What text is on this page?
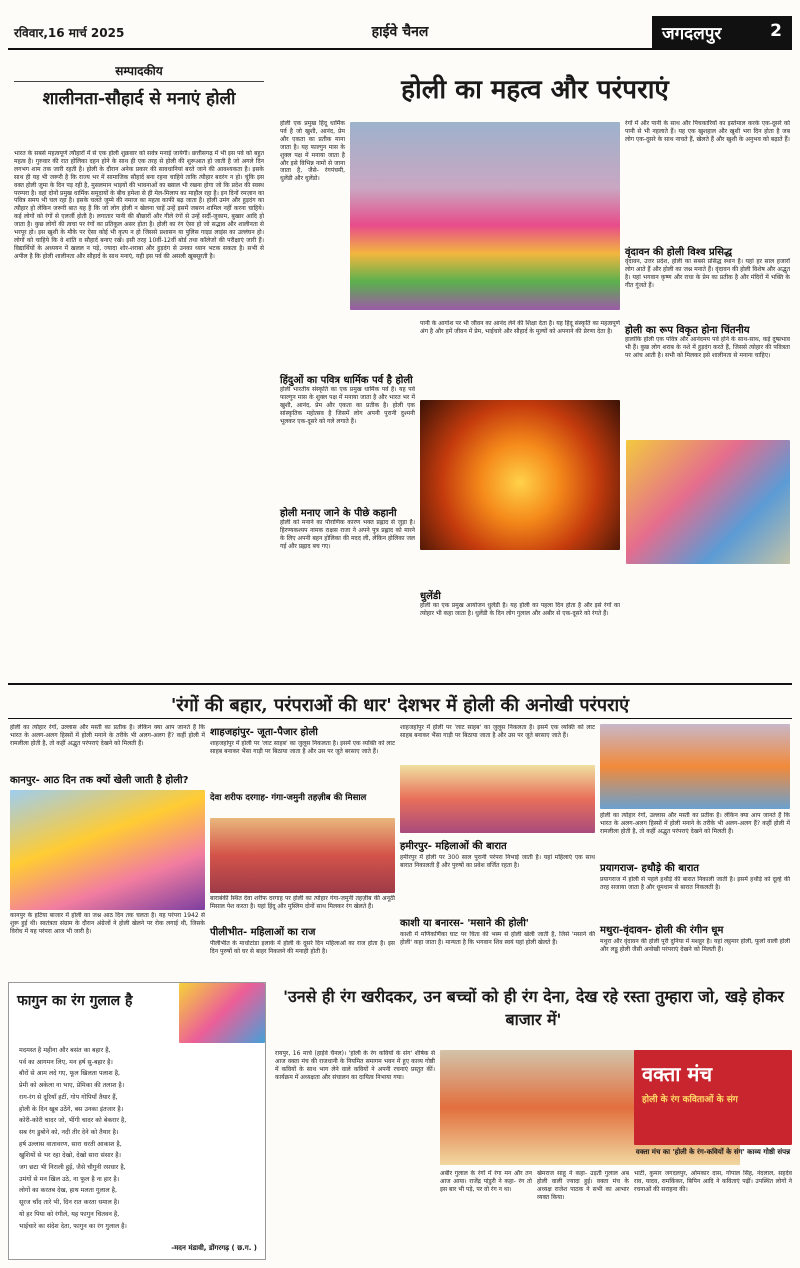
रविवार,16 मार्च 2025	हाईवे चैनल	जगदलपुर	2
सम्पादकीय
शालीनता-सौहार्द से मनाएं होली
भारत के सबसे महत्वपूर्ण त्यौहारों में से एक होली शुक्रवार को सर्वत्र मनाई जायेगी। छत्तीसगढ़ में भी इस पर्व को बहुत महत्व है। गुरुवार की रात होलिका दहन होने के साथ ही एक तरह से होली की शुरूआत हो जाती है जो अगले दिन लगभग शाम तक जारी रहती है। होली के दौरान अनेक प्रकार की सावधानियां बरते जाने की आवश्यकता है। इसके साथ ही यह भी जरूरी है कि राज्य भर में सामाजिक सौहार्द बना रहना चाहिये ताकि त्यौहार बदरंग न हो। चूंकि इस वक्त होली जुमा के दिन पड़ रही है, मुसलमान भाइयों की भावनाओं का ख्याल भी रखना होगा जो कि प्रदेश की स्वस्थ परम्परा है। वहां दोनों प्रमुख धार्मिक समुदायों के बीच हमेशा से ही मेल-मिलाप का माहौल रहा है। इन दिनों रमज़ान का पवित्र समय भी चल रहा है। इसके चलते जुम्मे की नमाज का महत्व काफी बढ़ जाता है। होली उमंग और हुड़दंग का त्यौहार हो लेकिन जरूरी बात यह है कि जो लोग होली न खेलना चाहें उन्हें इसमें जबरन शामिल नहीं करना चाहिये। कई लोगों को रंगों से एलर्जी होती है। लगातार पानी की बौछारों और गीले रंगों से उन्हें सर्दी-जुकाम, बुखार आदि हो जाता है। कुछ लोगों की त्वचा पर रंगों का प्रतिकूल असर होता है। होली का रंग ऐसा हो जो सद्भाव और शालीनता से भरपूर हो। इस खुशी के मौके पर ऐसा कोई भी कृत्य न हो जिससे प्रशासन या पुलिस गाइड लाइंस का उल्लंघन हो। लोगों को चाहिये कि वे शांति व सौहार्द बनाए रखें। इसी तरह 10वीं-12वीं बोर्ड तथा कॉलेजों की परीक्षाएं जारी हैं। विद्यार्थियों के अध्ययन में खलल न पड़े, ज्यादा शोर-शराबा और हुड़दंग से उनका ध्यान भटक सकता है। सभी से अपील है कि होली शालीनता और सौहार्द के साथ मनाएं, यही इस पर्व की असली खूबसूरती है।
होली का महत्व और परंपराएं
होली एक प्रमुख हिंदू धार्मिक पर्व है जो खुशी, आनंद, प्रेम और एकता का प्रतीक माना जाता है। यह फाल्गुन मास के शुक्ल पक्ष में मनाया जाता है और इसे विभिन्न नामों से जाना जाता है, जैसे- रंगपंचमी, धुलेंडी और धुलेंडो।
रंगों में और पानी के साथ और पिचकारियों का इस्तेमाल करके एक-दूसरे को पानी से भी नहलाते हैं। यह एक खुशहाल और खुशी भरा दिन होता है जब लोग एक-दूसरे के साथ नाचते हैं, खेलते हैं और खुशी के अनुभव को बढ़ाते हैं।
वृंदावन की होली विश्व प्रसिद्ध
वृंदावन, उत्तर प्रदेश, होली का सबसे प्रसिद्ध स्थान है। यहां हर साल हजारों लोग आते हैं और होली का जश्न मनाते हैं। वृंदावन की होली विशेष और अद्भुत है। यहां भगवान कृष्ण और राधा के प्रेम का प्रतीक है और मंदिरों में भक्ति के गीत गूंजते हैं।
होली का रूप विकृत होना चिंतनीय
हालांकि होली एक पवित्र और आनंदमय पर्व होने के साथ-साथ, कई दुष्प्रभाव भी हैं। कुछ लोग शराब के नशे में हुड़दंग करते हैं, जिससे त्योहार की पवित्रता पर आंच आती है। सभी को मिलकर इसे शालीनता से मनाना चाहिए।
हिंदुओं का पवित्र धार्मिक पर्व है होली
होली भारतीय संस्कृति का एक प्रमुख धार्मिक पर्व है। यह पर्व फाल्गुन मास के शुक्ल पक्ष में मनाया जाता है और भारत भर में खुशी, आनंद, प्रेम और एकता का प्रतीक है। होली एक सांस्कृतिक महोत्सव है जिसमें लोग अपनी पुरानी दुश्मनी भूलकर एक-दूसरे को गले लगाते हैं।
होली मनाए जाने के पीछे कहानी
होली को मनाने का पौराणिक कारण भक्त प्रह्लाद से जुड़ा है। हिरण्यकश्यप नामक राक्षस राजा ने अपने पुत्र प्रह्लाद को मारने के लिए अपनी बहन होलिका की मदद ली, लेकिन होलिका जल गई और प्रह्लाद बच गए।
पानी के आगोश पर भी जीवन का आनंद लेने की शिक्षा देता है। यह हिंदू संस्कृति का महत्वपूर्ण अंग है और हमें जीवन में प्रेम, भाईचारे और सौहार्द के मूल्यों को अपनाने की प्रेरणा देता है।
धुलेंडी
होली का एक प्रमुख आयोजन धुलेंडी है। यह होली का पहला दिन होता है और इसे रंगों का त्योहार भी कहा जाता है। धुलेंडी के दिन लोग गुलाल और अबीर से एक-दूसरे को रंगते हैं।
'रंगों की बहार, परंपराओं की धार' देशभर में होली की अनोखी परंपराएं
होली का त्योहार रंगों, उल्लास और मस्ती का प्रतीक है। लेकिन क्या आप जानते हैं कि भारत के अलग-अलग हिस्सों में होली मनाने के तरीके भी अलग-अलग हैं? कहीं होली में रामलीला होती है, तो कहीं अद्भुत परंपराएं देखने को मिलती हैं।
कानपुर- आठ दिन तक क्यों खेली जाती है होली?
कानपुर के हटिया बाजार में होली का जश्न आठ दिन तक चलता है। यह परंपरा 1942 से शुरू हुई थी। स्वतंत्रता संग्राम के दौरान अंग्रेजों ने होली खेलने पर रोक लगाई थी, जिसके विरोध में यह परंपरा आज भी जारी है।
शाहजहांपुर- जूता-पैजार होली
शाहजहांपुर में होली पर 'लाट साहब' का जुलूस निकलता है। इसमें एक व्यक्ति को लाट साहब बनाकर भैंसा गाड़ी पर बिठाया जाता है और उस पर जूते बरसाए जाते हैं।
देवा शरीफ दरगाह- गंगा-जमुनी तहज़ीब की मिसाल
बाराबंकी स्थित देवा शरीफ दरगाह पर होली का त्योहार गंगा-जमुनी तहज़ीब की अनूठी मिसाल पेश करता है। यहां हिंदू और मुस्लिम दोनों साथ मिलकर रंग खेलते हैं।
पीलीभीत- महिलाओं का राज
पीलीभीत के माधोटांडा इलाके में होली के दूसरे दिन महिलाओं का राज होता है। इस दिन पुरुषों को घर से बाहर निकलने की मनाही होती है।
शाहजहांपुर में होली पर 'लाट साहब' का जुलूस निकलता है। इसमें एक व्यक्ति को लाट साहब बनाकर भैंसा गाड़ी पर बिठाया जाता है और उस पर जूते बरसाए जाते हैं।
हमीरपुर- महिलाओं की बारात
हमीरपुर में होली पर 300 साल पुरानी परंपरा निभाई जाती है। यहां महिलाएं एक साथ बारात निकालती हैं और पुरुषों का प्रवेश वर्जित रहता है।
काशी या बनारस- 'मसाने की होली'
काशी में मणिकर्णिका घाट पर चिता की भस्म से होली खेली जाती है, जिसे 'मसाने की होली' कहा जाता है। मान्यता है कि भगवान शिव स्वयं यहां होली खेलते हैं।
होली का त्योहार रंगों, उल्लास और मस्ती का प्रतीक है। लेकिन क्या आप जानते हैं कि भारत के अलग-अलग हिस्सों में होली मनाने के तरीके भी अलग-अलग हैं? कहीं होली में रामलीला होती है, तो कहीं अद्भुत परंपराएं देखने को मिलती हैं।
प्रयागराज- हथौड़े की बारात
प्रयागराज में होली से पहले हथौड़े की बारात निकाली जाती है। इसमें हथौड़े को दूल्हे की तरह सजाया जाता है और धूमधाम से बारात निकलती है।
मथुरा-वृंदावन- होली की रंगीन धूम
मथुरा और वृंदावन की होली पूरी दुनिया में मशहूर है। यहां लट्ठमार होली, फूलों वाली होली और लड्डू होली जैसी अनोखी परंपराएं देखने को मिलती हैं।
फागुन का रंग गुलाल है
मदमस्त है महीना और बसंत का बहार है,
पर्व का आगमन लिए, मन हर्ष सु-बहार है।
बौरों से आम लदे गए, फूल खिलता पलाश है,
प्रेमी को अकेला ना भाए, प्रेमिका की तलाश है।
राग-रंग से दूरियाँ हटीं, गोप गोपियाँ तैयार हैं,
होली के दिन खूब उठेंगे, बस उनका इंतजार है।
कोरी-कोरी चादर जो, भींगी चादर को बेकरार है,
सब रंग डुबोने को, नदी तीर देने को तैयार है।
हर्ष उल्लास वातावरण, सारा धरती आकाश है,
खुशियों से भर रहा देखो, देखो सारा संसार है।
जग छटा भी निराली हुई, जैसे चौगुनी रसधार है,
उमंगों से मन खिल उठे, ना फूल है ना हार है।
लोगों का करतब देख, हाथ मलता गुलाल है,
सूरज चाँद तारे भी, दिन रात करता धमाल है।
यो हर पिया को रंगीले, यह फागुन चितवन है,
भाईचारे का संदेश देता, फागुन का रंग गुलाल है।
-मदन मंडावी, डोंगरगढ़ ( छ.ग. )
'उनसे ही रंग खरीदकर, उन बच्चों को ही रंग देना, देख रहे रस्ता तुम्हारा जो, खड़े होकर बाजार में'
रायपुर, 16 मार्च (हाईवे चैनल)। 'होली के रंग कवियों के संग' शीर्षक से आज वक्ता मंच की राजधानी के नियमित समागम भवन में हुए काव्य गोष्ठी में कवियों के साथ भाग लेने वाले कवियों ने अपनी रचनाएं प्रस्तुत कीं। कार्यक्रम में अध्यक्षता और संचालन का दायित्व निभाया गया।
अबीर गुलाल के रंगों में रंगा मन और तन आज आया। राजेंद्र पांडुरी ने कहा- रंग तो इस बार भी पड़े, पर वो रंग न था।
खेमराज साहू ने कहा- उड़ती गुलाल अब होली वाली ज्यादा हुई। वक्ता मंच के अध्यक्ष राजेश पाठक ने सभी का आभार व्यक्त किया।
वक्ता मंच
होली के रंग कविताओं के संग
वक्ता मंच का 'होली के रंग-कवियों के संग' काव्य गोष्ठी संपन्न
भाटी, कुमार जगदलपुर, ओमकार दास, गोपाल सिंह, नंदलाल, सहदेव राव, यादव, रामकिंकर, बिपिन आदि ने कविताएं पढ़ीं। उपस्थित लोगों ने रचनाओं की सराहना की।
